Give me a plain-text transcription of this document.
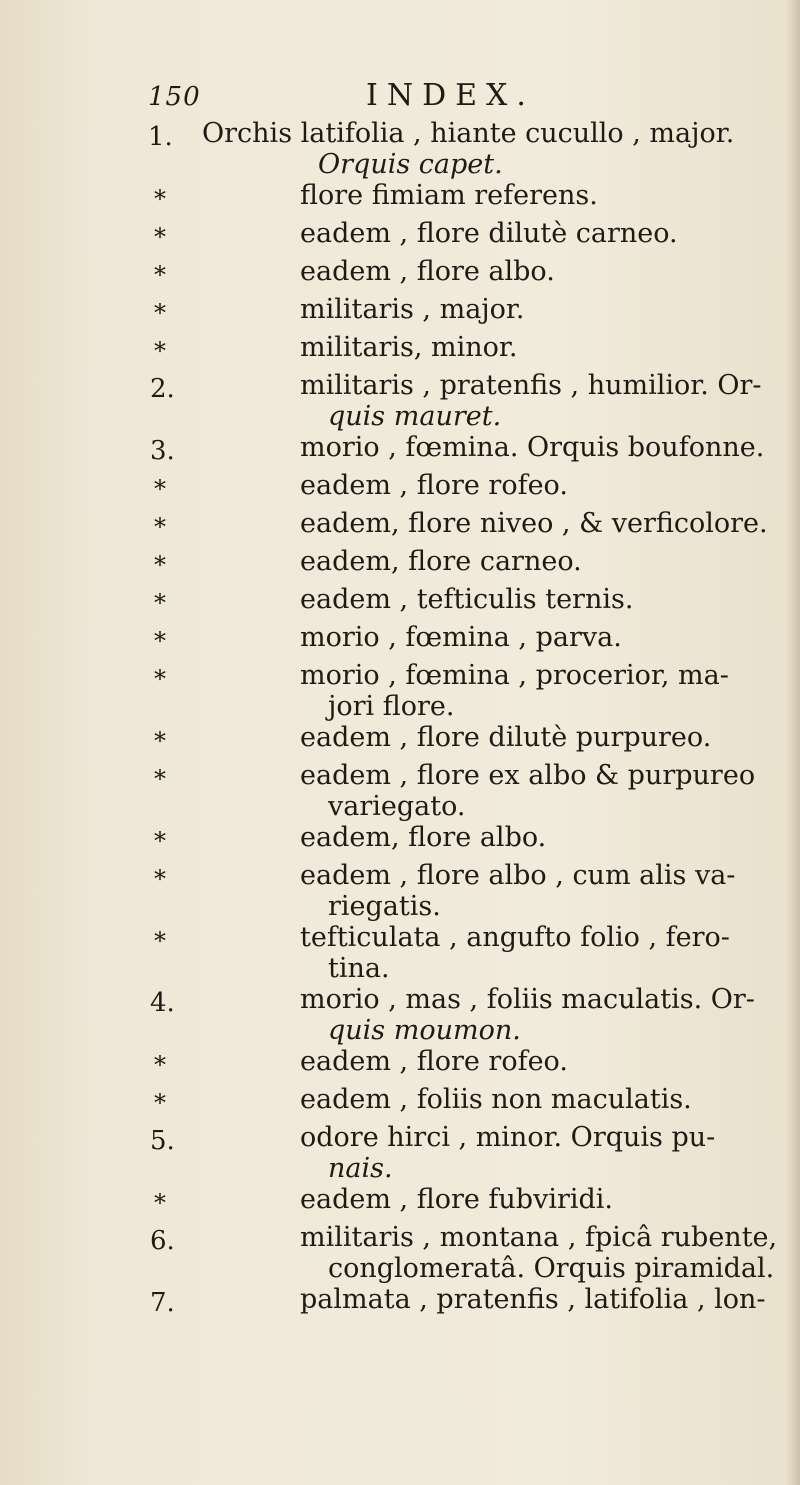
150	INDEX.
1.	Orchis latifolia , hiante cucullo , major.
Orquis capet.
*	flore fimiam referens.
*	eadem , flore dilutè carneo.
*	eadem , flore albo.
*	militaris , major.
*	militaris, minor.
2.	militaris , pratenfis , humilior. Or-
quis mauret.
3.	morio , fœmina. Orquis boufonne.
*	eadem , flore rofeo.
*	eadem, flore niveo , & verficolore.
*	eadem, flore carneo.
*	eadem , tefticulis ternis.
*	morio , fœmina , parva.
*	morio , fœmina , procerior, ma-
jori flore.
*	eadem , flore dilutè purpureo.
*	eadem , flore ex albo & purpureo
variegato.
*	eadem, flore albo.
*	eadem , flore albo , cum alis va-
riegatis.
*	tefticulata , angufto folio , fero-
tina.
4.	morio , mas , foliis maculatis. Or-
quis moumon.
*	eadem , flore rofeo.
*	eadem , foliis non maculatis.
5.	odore hirci , minor. Orquis pu-
nais.
*	eadem , flore fubviridi.
6.	militaris , montana , fpicâ rubente,
conglomeratâ. Orquis piramidal.
7.	palmata , pratenfis , latifolia , lon-
